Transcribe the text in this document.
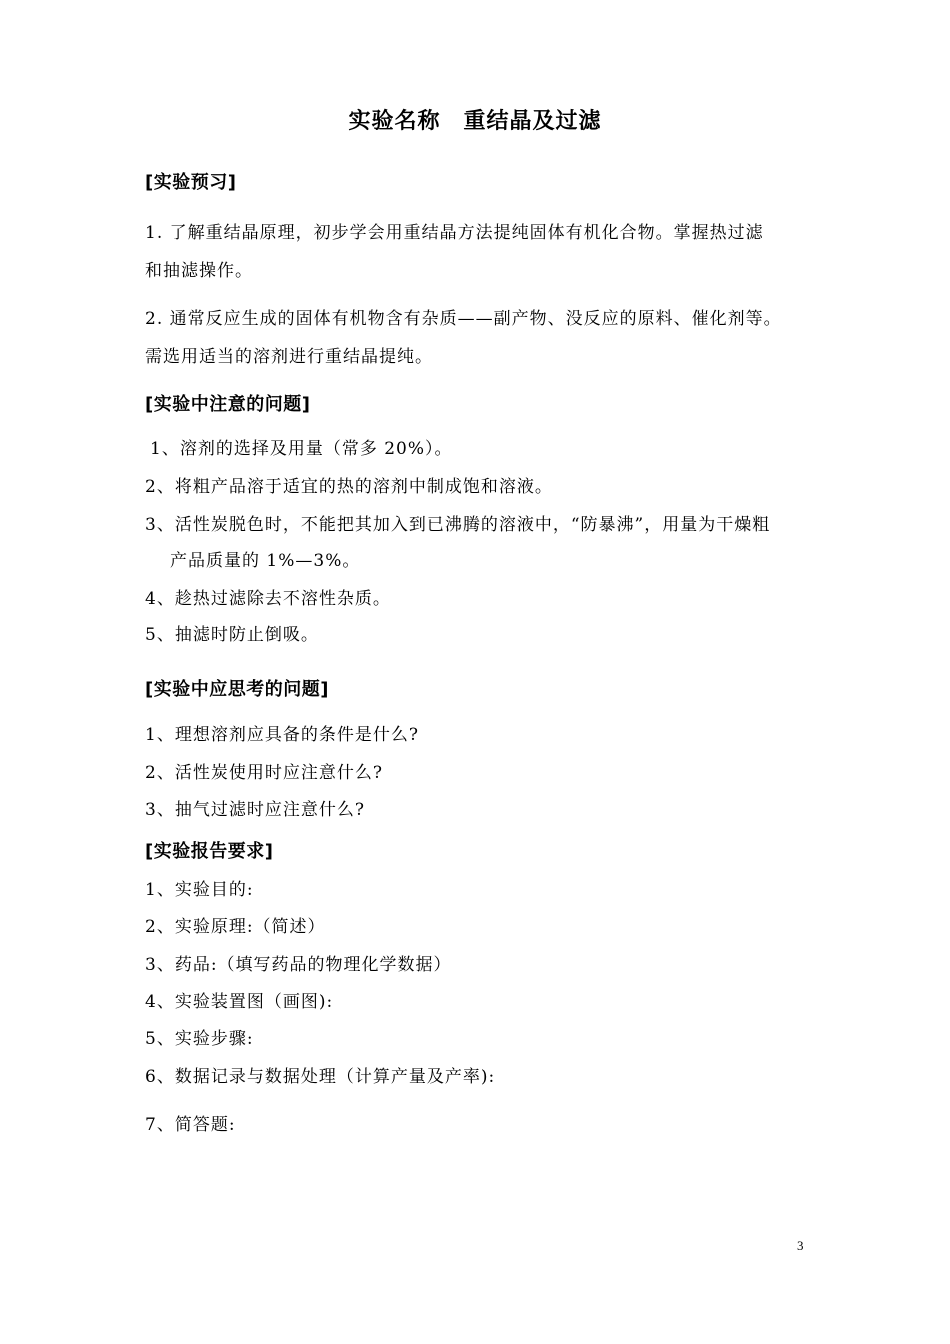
实验名称　重结晶及过滤
[实验预习]
1. 了解重结晶原理，初步学会用重结晶方法提纯固体有机化合物。掌握热过滤
和抽滤操作。
2. 通常反应生成的固体有机物含有杂质——副产物、没反应的原料、催化剂等。
需选用适当的溶剂进行重结晶提纯。
[实验中注意的问题]
1、溶剂的选择及用量（常多 20%）。
2、将粗产品溶于适宜的热的溶剂中制成饱和溶液。
3、活性炭脱色时，不能把其加入到已沸腾的溶液中，“防暴沸”，用量为干燥粗
产品质量的 1%—3%。
4、趁热过滤除去不溶性杂质。
5、抽滤时防止倒吸。
[实验中应思考的问题]
1、理想溶剂应具备的条件是什么?
2、活性炭使用时应注意什么?
3、抽气过滤时应注意什么?
[实验报告要求]
1、实验目的:
2、实验原理:（简述）
3、药品:（填写药品的物理化学数据）
4、实验装置图（画图):
5、实验步骤:
6、数据记录与数据处理（计算产量及产率):
7、简答题:
3
